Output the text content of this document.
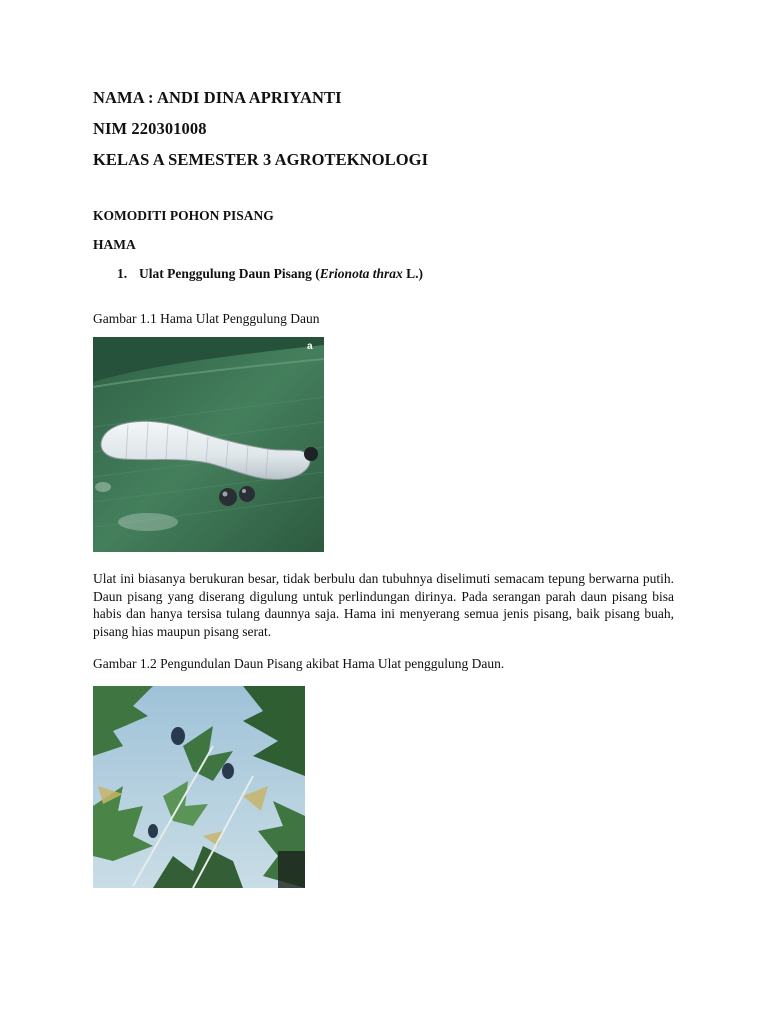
NAMA : ANDI DINA APRIYANTI
NIM 220301008
KELAS A SEMESTER 3 AGROTEKNOLOGI
KOMODITI POHON PISANG
HAMA
1. Ulat Penggulung Daun Pisang (Erionota thrax L.)
Gambar 1.1 Hama Ulat Penggulung Daun
a

Ulat ini biasanya berukuran besar, tidak berbulu dan tubuhnya diselimuti semacam tepung berwarna putih. Daun pisang yang diserang digulung untuk perlindungan dirinya. Pada serangan parah daun pisang bisa habis dan hanya tersisa tulang daunnya saja. Hama ini menyerang semua jenis pisang, baik pisang buah, pisang hias maupun pisang serat.

Gambar 1.2 Pengundulan Daun Pisang akibat Hama Ulat penggulung Daun.
